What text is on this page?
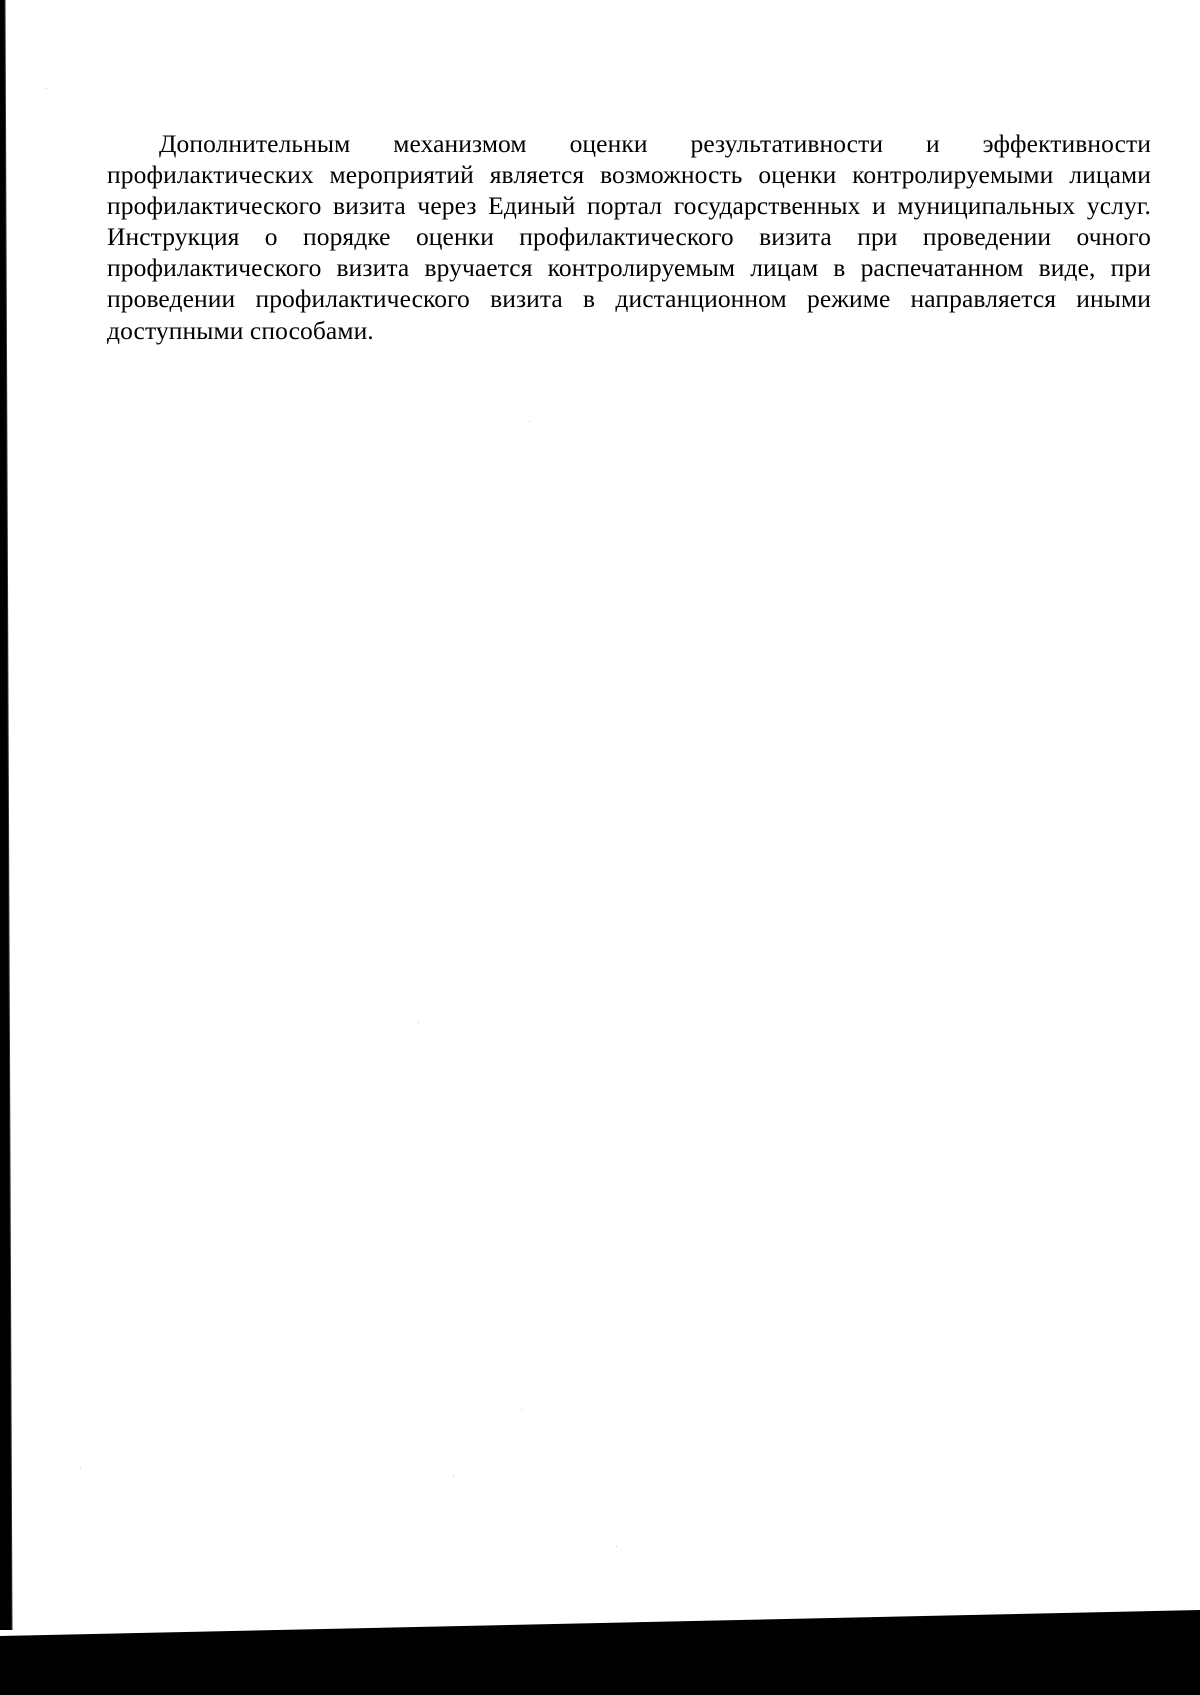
Дополнительным механизмом оценки результативности и эффективности профилактических мероприятий является возможность оценки контролируемыми лицами профилактического визита через Единый портал государственных и муниципальных услуг. Инструкция о порядке оценки профилактического визита при проведении очного профилактического визита вручается контролируемым лицам в распечатанном виде, при проведении профилактического визита в дистанционном режиме направляется иными доступными способами.
